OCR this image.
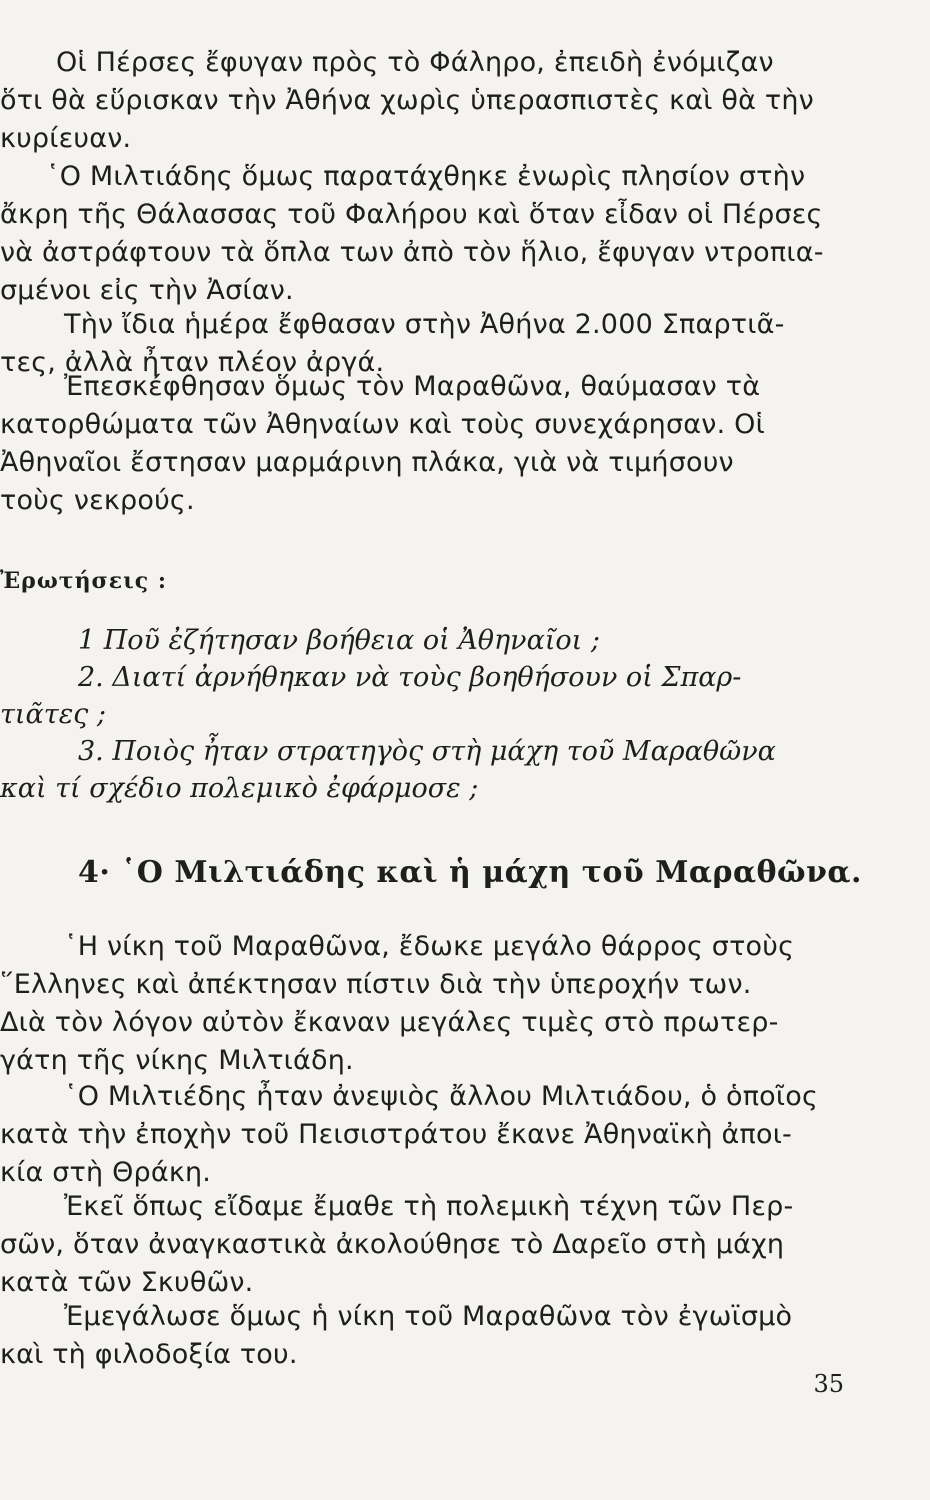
Οἱ Πέρσες ἔφυγαν πρὸς τὸ Φάληρο, ἐπειδὴ ἐνόμιζαν
ὅτι θὰ εὕρισκαν τὴν Ἀθήνα χωρὶς ὑπερασπιστὲς καὶ θὰ τὴν
κυρίευαν.
῾Ο Μιλτιάδης ὅμως παρατάχθηκε ἐνωρὶς πλησίον στὴν
ἄκρη τῆς Θάλασσας τοῦ Φαλήρου καὶ ὅταν εἶδαν οἱ Πέρσες
νὰ ἀστράφτουν τὰ ὅπλα των ἀπὸ τὸν ἥλιο, ἔφυγαν ντροπια-
σμένοι εἰς τὴν Ἀσίαν.
Τὴν ἴδια ἡμέρα ἔφθασαν στὴν Ἀθήνα 2.000 Σπαρτιᾶ-
τες, ἀλλὰ ἦταν πλέον ἀργά.
Ἐπεσκέφθησαν ὅμως τὸν Μαραθῶνα, θαύμασαν τὰ
κατορθώματα τῶν Ἀθηναίων καὶ τοὺς συνεχάρησαν. Οἱ
Ἀθηναῖοι ἔστησαν μαρμάρινη πλάκα, γιὰ νὰ τιμήσουν
τοὺς νεκρούς.
Ἐρωτήσεις :
1 Ποῦ ἐζήτησαν βοήθεια οἱ Ἀθηναῖοι ;
2. Διατί ἀρνήθηκαν νὰ τοὺς βοηθήσουν οἱ Σπαρ-
τιᾶτες ;
3. Ποιὸς ἦταν στρατηγὸς στὴ μάχη τοῦ Μαραθῶνα
καὶ τί σχέδιο πολεμικὸ ἐφάρμοσε ;
4· ῾Ο Μιλτιάδης καὶ ἡ μάχη τοῦ Μαραθῶνα.
῾Η νίκη τοῦ Μαραθῶνα, ἔδωκε μεγάλο θάρρος στοὺς
῞Ελληνες καὶ ἀπέκτησαν πίστιν διὰ τὴν ὑπεροχήν των.
Διὰ τὸν λόγον αὐτὸν ἔκαναν μεγάλες τιμὲς στὸ πρωτερ-
γάτη τῆς νίκης Μιλτιάδη.
῾Ο Μιλτιέδης ἦταν ἀνεψιὸς ἄλλου Μιλτιάδου, ὁ ὁποῖος
κατὰ τὴν ἐποχὴν τοῦ Πεισιστράτου ἔκανε Ἀθηναϊκὴ ἀποι-
κία στὴ Θράκη.
Ἐκεῖ ὅπως εἴδαμε ἔμαθε τὴ πολεμικὴ τέχνη τῶν Περ-
σῶν, ὅταν ἀναγκαστικὰ ἀκολούθησε τὸ Δαρεῖο στὴ μάχη
κατὰ τῶν Σκυθῶν.
Ἐμεγάλωσε ὅμως ἡ νίκη τοῦ Μαραθῶνα τὸν ἐγωϊσμὸ
καὶ τὴ φιλοδοξία του.
35
